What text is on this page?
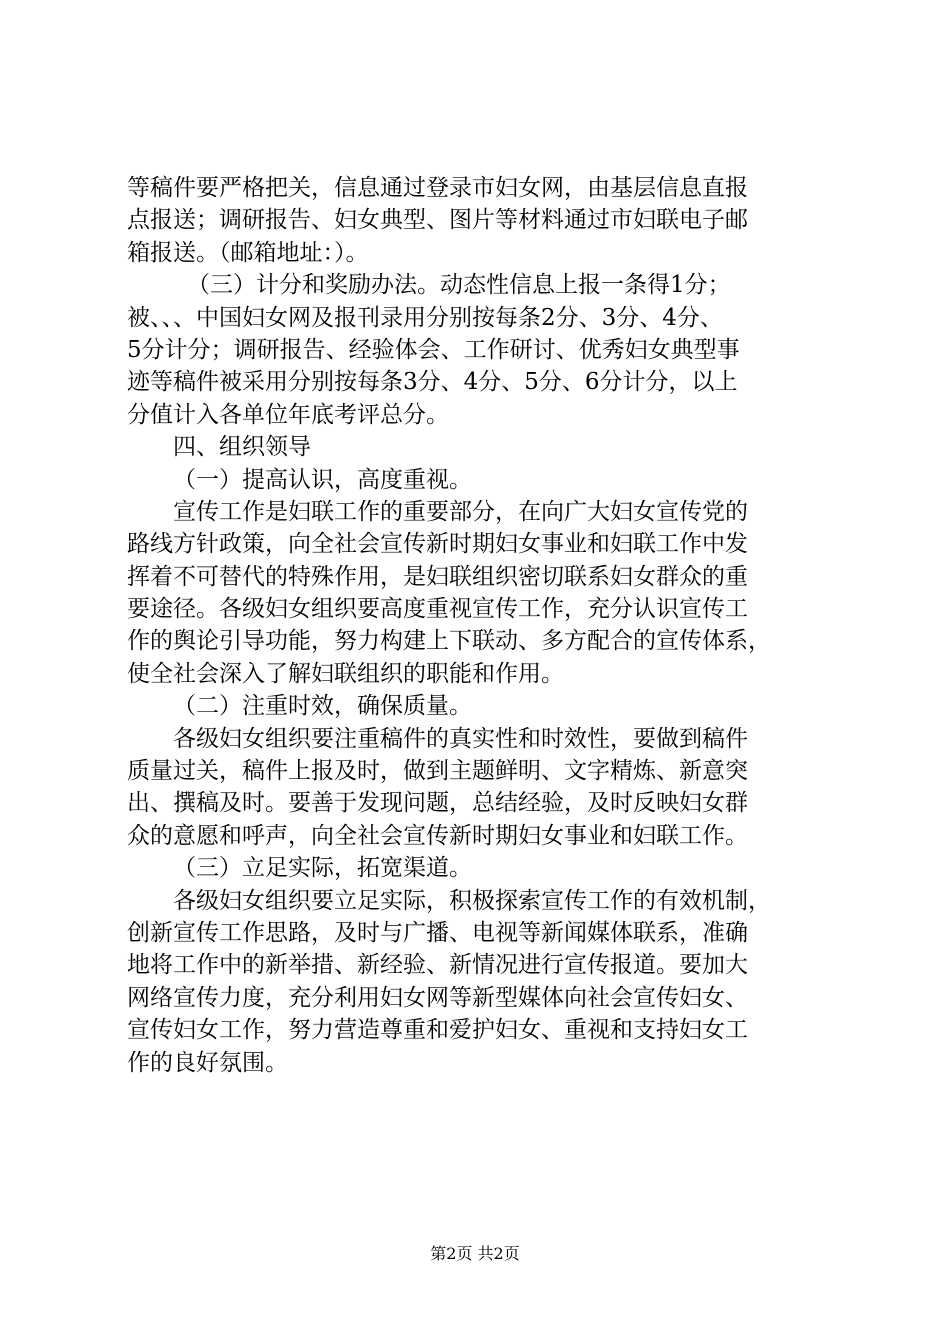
等稿件要严格把关，信息通过登录市妇女网，由基层信息直报
点报送；调研报告、妇女典型、图片等材料通过市妇联电子邮
箱报送。（邮箱地址：）。
（三）计分和奖励办法。动态性信息上报一条得1分；
被、、、中国妇女网及报刊录用分别按每条2分、3分、4分、
5分计分；调研报告、经验体会、工作研讨、优秀妇女典型事
迹等稿件被采用分别按每条3分、4分、5分、6分计分，以上
分值计入各单位年底考评总分。
四、组织领导
（一）提高认识，高度重视。
宣传工作是妇联工作的重要部分，在向广大妇女宣传党的
路线方针政策，向全社会宣传新时期妇女事业和妇联工作中发
挥着不可替代的特殊作用，是妇联组织密切联系妇女群众的重
要途径。各级妇女组织要高度重视宣传工作，充分认识宣传工
作的舆论引导功能，努力构建上下联动、多方配合的宣传体系，
使全社会深入了解妇联组织的职能和作用。
（二）注重时效，确保质量。
各级妇女组织要注重稿件的真实性和时效性，要做到稿件
质量过关，稿件上报及时，做到主题鲜明、文字精炼、新意突
出、撰稿及时。要善于发现问题，总结经验，及时反映妇女群
众的意愿和呼声，向全社会宣传新时期妇女事业和妇联工作。
（三）立足实际，拓宽渠道。
各级妇女组织要立足实际，积极探索宣传工作的有效机制，
创新宣传工作思路，及时与广播、电视等新闻媒体联系，准确
地将工作中的新举措、新经验、新情况进行宣传报道。要加大
网络宣传力度，充分利用妇女网等新型媒体向社会宣传妇女、
宣传妇女工作，努力营造尊重和爱护妇女、重视和支持妇女工
作的良好氛围。
第2页 共2页
